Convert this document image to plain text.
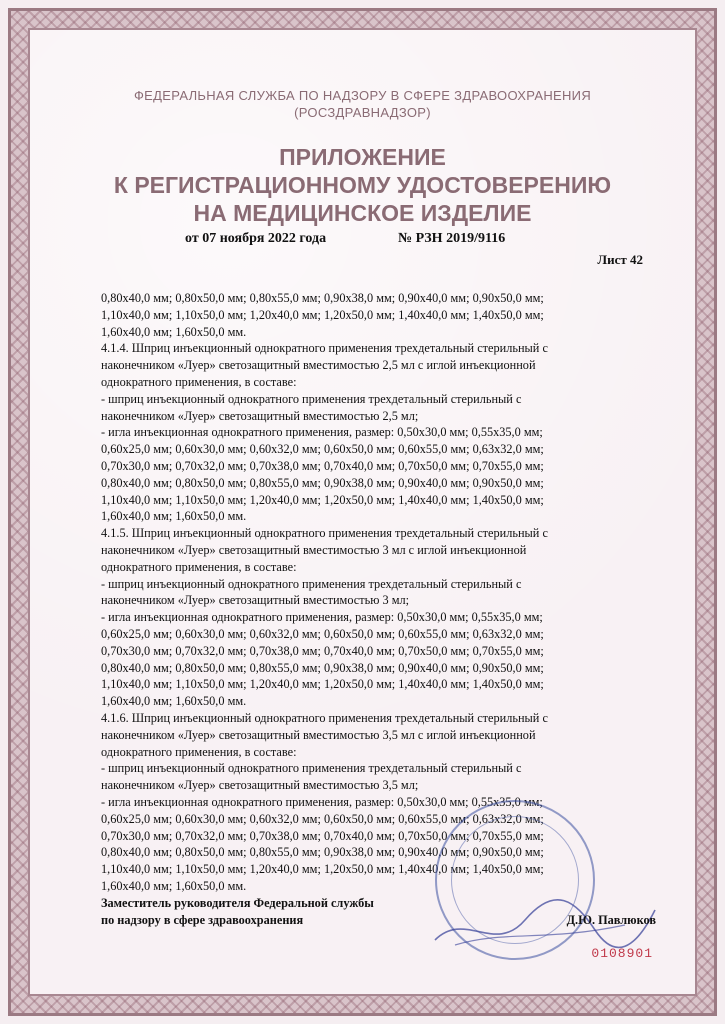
ФЕДЕРАЛЬНАЯ СЛУЖБА ПО НАДЗОРУ В СФЕРЕ ЗДРАВООХРАНЕНИЯ
(РОСЗДРАВНАДЗОР)
ПРИЛОЖЕНИЕ
К РЕГИСТРАЦИОННОМУ УДОСТОВЕРЕНИЮ
НА МЕДИЦИНСКОЕ ИЗДЕЛИЕ
от 07 ноября 2022 года	№ РЗН 2019/9116
Лист 42

0,80x40,0 мм; 0,80x50,0 мм; 0,80x55,0 мм; 0,90x38,0 мм; 0,90x40,0 мм; 0,90x50,0 мм;

1,10x40,0 мм; 1,10x50,0 мм; 1,20x40,0 мм; 1,20x50,0 мм; 1,40x40,0 мм; 1,40x50,0 мм;

1,60x40,0 мм; 1,60x50,0 мм.

4.1.4. Шприц инъекционный однократного применения трехдетальный стерильный с

наконечником «Луер» светозащитный вместимостью 2,5 мл с иглой инъекционной

однократного применения, в составе:

- шприц инъекционный однократного применения трехдетальный стерильный с

наконечником «Луер» светозащитный вместимостью 2,5 мл;

- игла инъекционная однократного применения, размер: 0,50x30,0 мм; 0,55x35,0 мм;

0,60x25,0 мм; 0,60x30,0 мм; 0,60x32,0 мм; 0,60x50,0 мм; 0,60x55,0 мм; 0,63x32,0 мм;

0,70x30,0 мм; 0,70x32,0 мм; 0,70x38,0 мм; 0,70x40,0 мм; 0,70x50,0 мм; 0,70x55,0 мм;

0,80x40,0 мм; 0,80x50,0 мм; 0,80x55,0 мм; 0,90x38,0 мм; 0,90x40,0 мм; 0,90x50,0 мм;

1,10x40,0 мм; 1,10x50,0 мм; 1,20x40,0 мм; 1,20x50,0 мм; 1,40x40,0 мм; 1,40x50,0 мм;

1,60x40,0 мм; 1,60x50,0 мм.

4.1.5. Шприц инъекционный однократного применения трехдетальный стерильный с

наконечником «Луер» светозащитный вместимостью 3 мл с иглой инъекционной

однократного применения, в составе:

- шприц инъекционный однократного применения трехдетальный стерильный с

наконечником «Луер» светозащитный вместимостью 3 мл;

- игла инъекционная однократного применения, размер: 0,50x30,0 мм; 0,55x35,0 мм;

0,60x25,0 мм; 0,60x30,0 мм; 0,60x32,0 мм; 0,60x50,0 мм; 0,60x55,0 мм; 0,63x32,0 мм;

0,70x30,0 мм; 0,70x32,0 мм; 0,70x38,0 мм; 0,70x40,0 мм; 0,70x50,0 мм; 0,70x55,0 мм;

0,80x40,0 мм; 0,80x50,0 мм; 0,80x55,0 мм; 0,90x38,0 мм; 0,90x40,0 мм; 0,90x50,0 мм;

1,10x40,0 мм; 1,10x50,0 мм; 1,20x40,0 мм; 1,20x50,0 мм; 1,40x40,0 мм; 1,40x50,0 мм;

1,60x40,0 мм; 1,60x50,0 мм.

4.1.6. Шприц инъекционный однократного применения трехдетальный стерильный с

наконечником «Луер» светозащитный вместимостью 3,5 мл с иглой инъекционной

однократного применения, в составе:

- шприц инъекционный однократного применения трехдетальный стерильный с

наконечником «Луер» светозащитный вместимостью 3,5 мл;

- игла инъекционная однократного применения, размер: 0,50x30,0 мм; 0,55x35,0 мм;

0,60x25,0 мм; 0,60x30,0 мм; 0,60x32,0 мм; 0,60x50,0 мм; 0,60x55,0 мм; 0,63x32,0 мм;

0,70x30,0 мм; 0,70x32,0 мм; 0,70x38,0 мм; 0,70x40,0 мм; 0,70x50,0 мм; 0,70x55,0 мм;

0,80x40,0 мм; 0,80x50,0 мм; 0,80x55,0 мм; 0,90x38,0 мм; 0,90x40,0 мм; 0,90x50,0 мм;

1,10x40,0 мм; 1,10x50,0 мм; 1,20x40,0 мм; 1,20x50,0 мм; 1,40x40,0 мм; 1,40x50,0 мм;

1,60x40,0 мм; 1,60x50,0 мм.

Заместитель руководителя Федеральной службы
по надзору в сфере здравоохранения	Д.Ю. Павлюков
0108901
